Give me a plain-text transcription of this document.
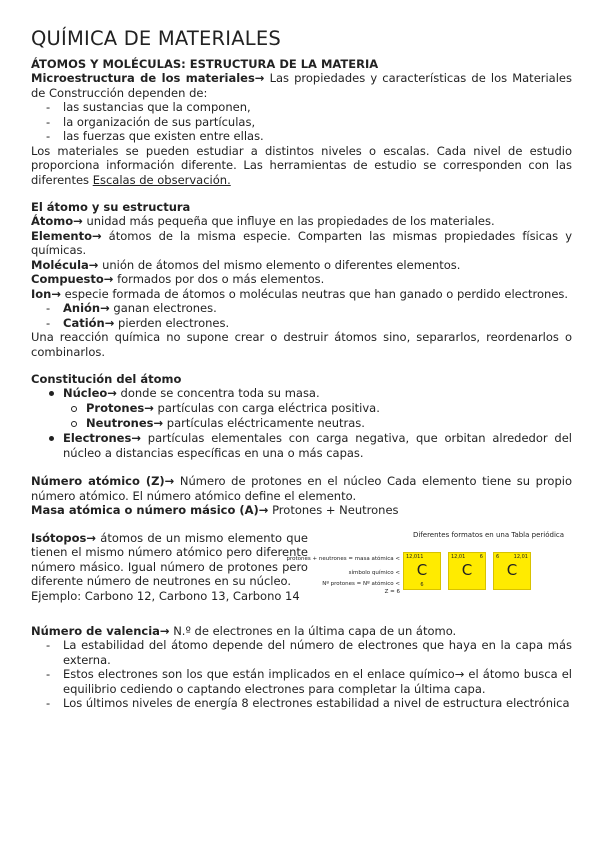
QUÍMICA DE MATERIALES
ÁTOMOS Y MOLÉCULAS: ESTRUCTURA DE LA MATERIA

Microestructura de los materiales→ Las propiedades y características de los Materiales de Construcción dependen de:

- las sustancias que la componen,
- la organización de sus partículas,
- las fuerzas que existen entre ellas.

Los materiales se pueden estudiar a distintos niveles o escalas. Cada nivel de estudio proporciona información diferente. Las herramientas de estudio se corresponden con las diferentes Escalas de observación.

El átomo y su estructura

Átomo→ unidad más pequeña que influye en las propiedades de los materiales.

Elemento→ átomos de la misma especie. Comparten las mismas propiedades físicas y químicas.

Molécula→ unión de átomos del mismo elemento o diferentes elementos.

Compuesto→ formados por dos o más elementos.

Ion→ especie formada de átomos o moléculas neutras que han ganado o perdido electrones.

- Anión→ ganan electrones.
- Catión→ pierden electrones.

Una reacción química no supone crear o destruir átomos sino, separarlos, reordenarlos o combinarlos.

Constitución del átomo
Núcleo→ donde se concentra toda su masa.
Protones→ partículas con carga eléctrica positiva.
Neutrones→ partículas eléctricamente neutras.
Electrones→ partículas elementales con carga negativa, que orbitan alrededor del núcleo a distancias específicas en una o más capas.

Número atómico (Z)→ Número de protones en el núcleo Cada elemento tiene su propio número atómico. El número atómico define el elemento.

Masa atómica o número másico (A)→ Protones + Neutrones

Isótopos→ átomos de un mismo elemento que tienen el mismo número atómico pero diferente número másico. Igual número de protones pero diferente número de neutrones en su núcleo.

Ejemplo: Carbono 12, Carbono 13, Carbono 14

Diferentes formatos en una Tabla periódica
protones + neutrones = masa atómica <
símbolo químico <
Nº protones = Nº atómico <
Z = 6
12,011
C
6
12,01	6
C
6	12,01
C

Número de valencia→ N.º de electrones en la última capa de un átomo.

- La estabilidad del átomo depende del número de electrones que haya en la capa más externa.
- Estos electrones son los que están implicados en el enlace químico→ el átomo busca el equilibrio cediendo o captando electrones para completar la última capa.
- Los últimos niveles de energía 8 electrones estabilidad a nivel de estructura electrónica
